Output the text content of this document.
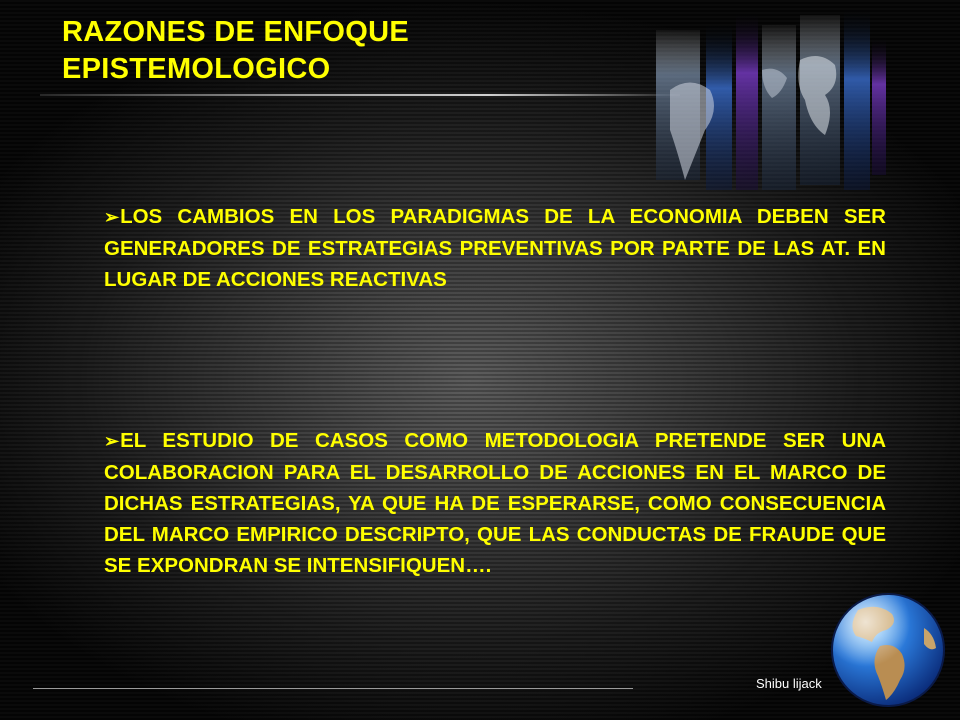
RAZONES DE ENFOQUE
EPISTEMOLOGICO
➢LOS CAMBIOS EN LOS PARADIGMAS DE LA ECONOMIA DEBEN SER GENERADORES DE ESTRATEGIAS PREVENTIVAS POR PARTE DE LAS AT. EN LUGAR DE ACCIONES REACTIVAS
➢EL ESTUDIO DE CASOS COMO METODOLOGIA PRETENDE SER UNA COLABORACION PARA EL DESARROLLO DE ACCIONES EN EL MARCO DE DICHAS ESTRATEGIAS, YA QUE HA DE ESPERARSE, COMO CONSECUENCIA DEL MARCO EMPIRICO DESCRIPTO, QUE LAS CONDUCTAS DE FRAUDE QUE SE EXPONDRAN SE INTENSIFIQUEN….
Shibu lijack
